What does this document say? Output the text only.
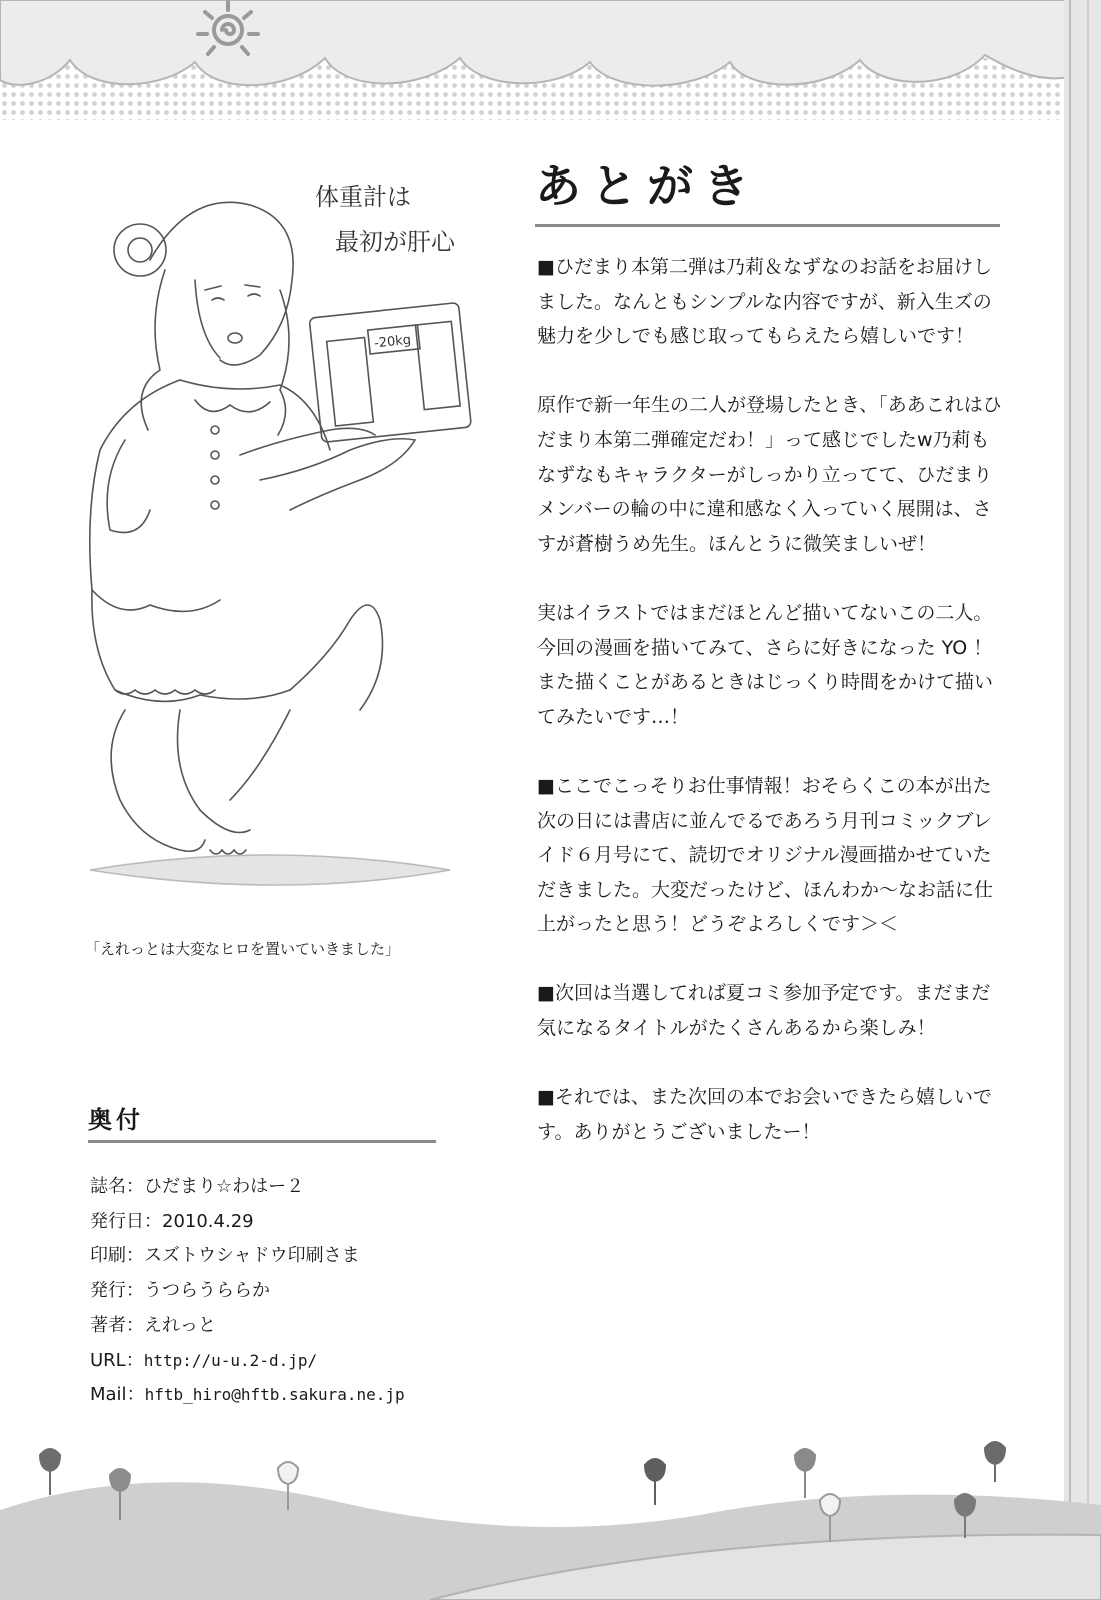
あとがき

■ひだまり本第二弾は乃莉＆なずなのお話をお届けしました。なんともシンプルな内容ですが、新入生ズの魅力を少しでも感じ取ってもらえたら嬉しいです！

原作で新一年生の二人が登場したとき、「ああこれはひだまり本第二弾確定だわ！」って感じでしたw乃莉もなずなもキャラクターがしっかり立ってて、ひだまりメンバーの輪の中に違和感なく入っていく展開は、さすが蒼樹うめ先生。ほんとうに微笑ましいぜ！

実はイラストではまだほとんど描いてないこの二人。今回の漫画を描いてみて、さらに好きになった YO ！また描くことがあるときはじっくり時間をかけて描いてみたいです…！

■ここでこっそりお仕事情報！おそらくこの本が出た次の日には書店に並んでるであろう月刊コミックブレイド６月号にて、読切でオリジナル漫画描かせていただきました。大変だったけど、ほんわか～なお話に仕上がったと思う！どうぞよろしくです＞＜

■次回は当選してれば夏コミ参加予定です。まだまだ気になるタイトルがたくさんあるから楽しみ！

■それでは、また次回の本でお会いできたら嬉しいです。ありがとうございましたー！

体重計は
最初が肝心
-20kg
「えれっとは大変なヒロを置いていきました」
奥付
誌名：ひだまり☆わはー２
発行日：2010.4.29
印刷：スズトウシャドウ印刷さま
発行：うつらうららか
著者：えれっと
URL：http://u-u.2-d.jp/
Mail：hftb_hiro@hftb.sakura.ne.jp
